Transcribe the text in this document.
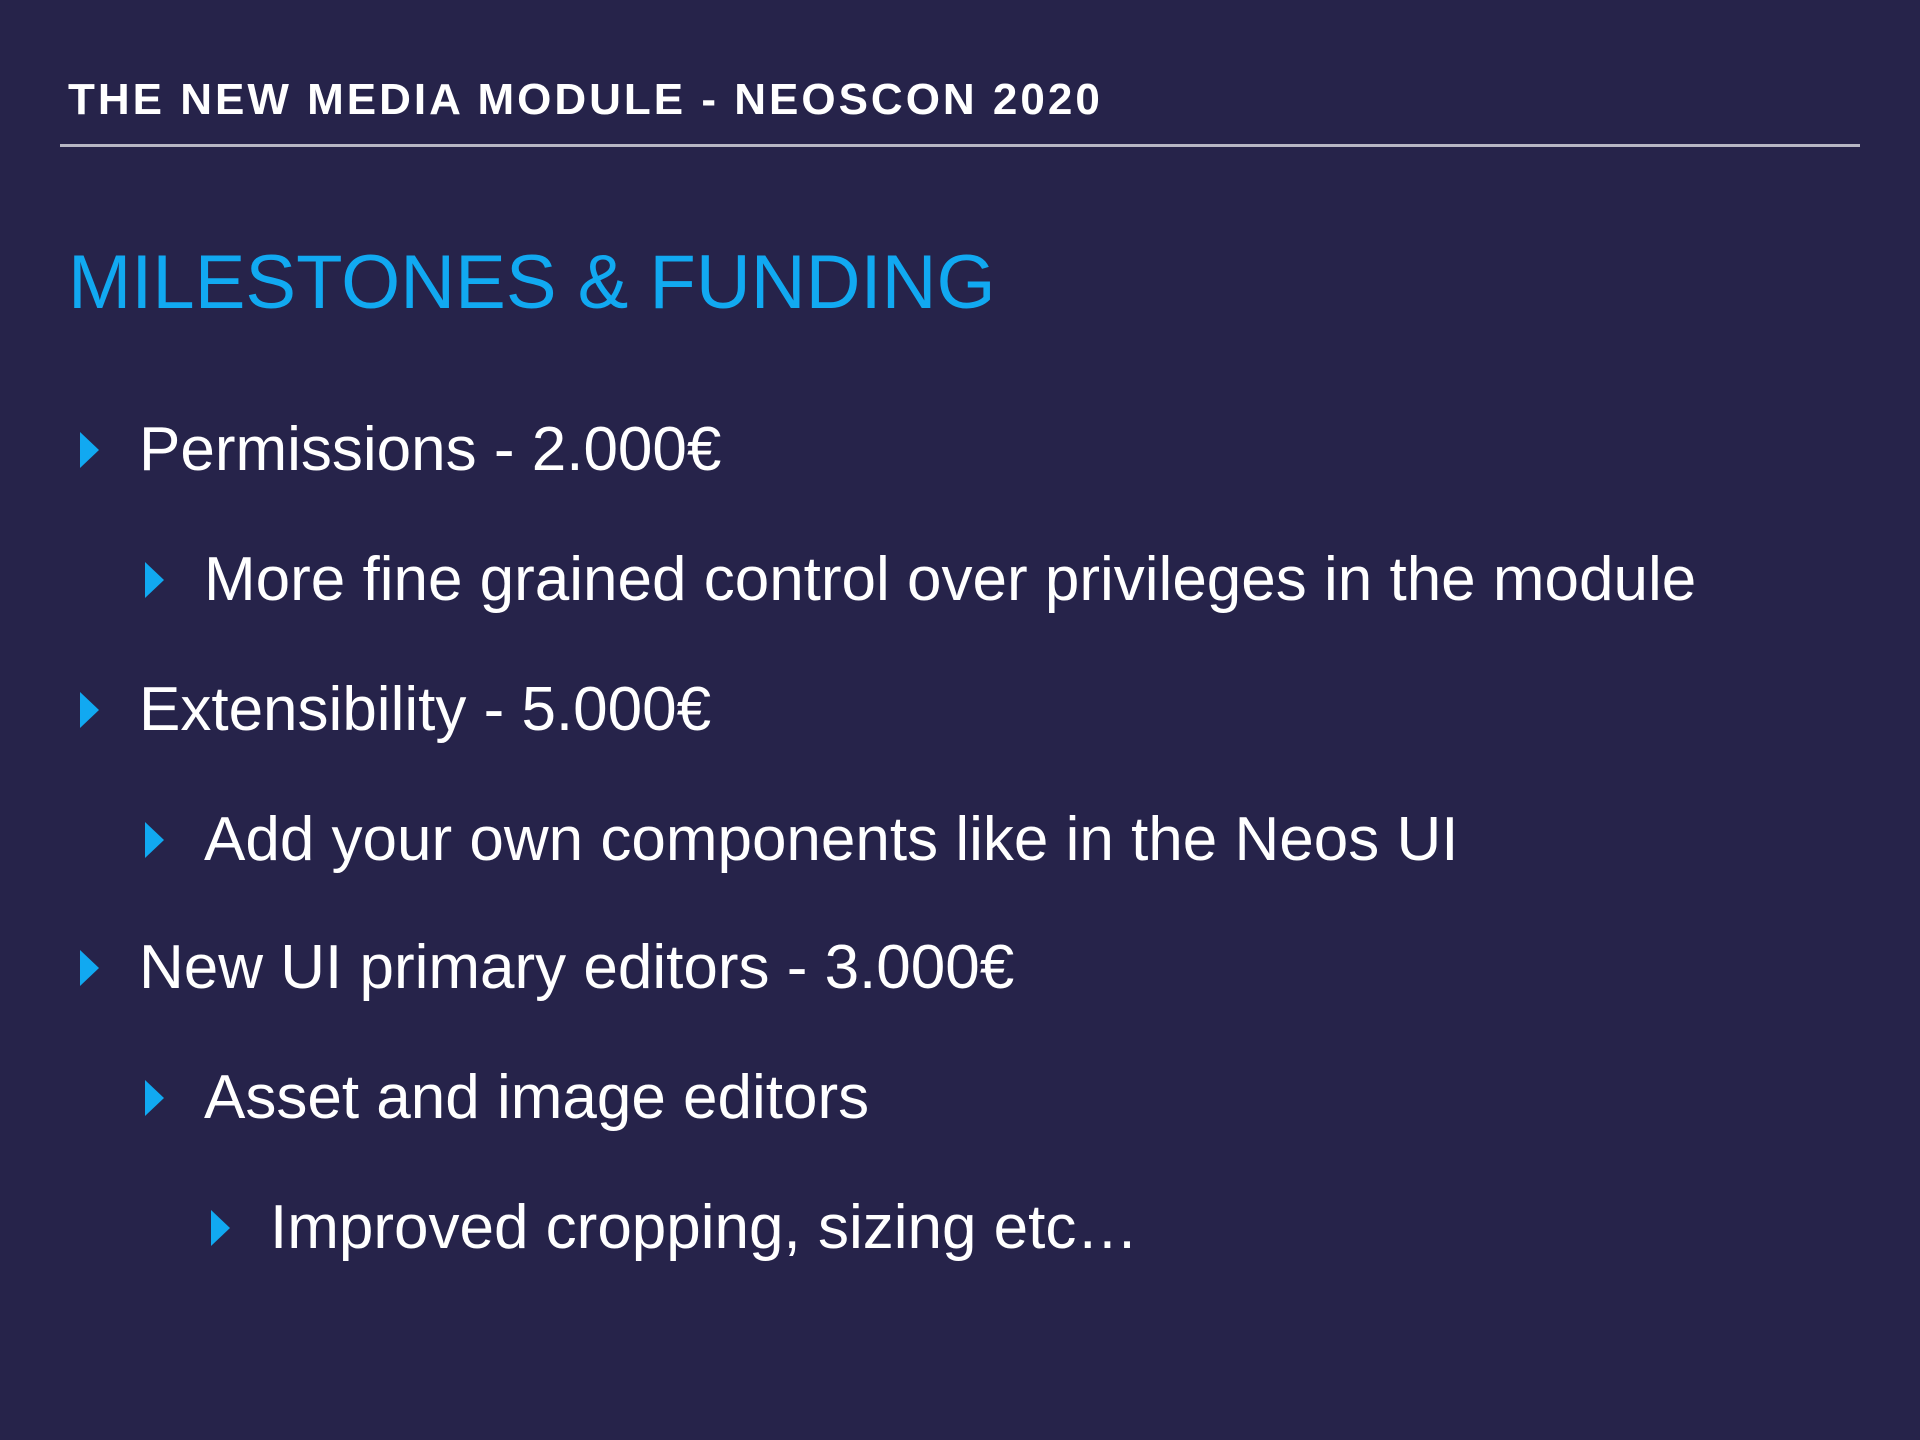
THE NEW MEDIA MODULE - NEOSCON 2020
MILESTONES & FUNDING
Permissions - 2.000€
More fine grained control over privileges in the module
Extensibility - 5.000€
Add your own components like in the Neos UI
New UI primary editors - 3.000€
Asset and image editors
Improved cropping, sizing etc…
